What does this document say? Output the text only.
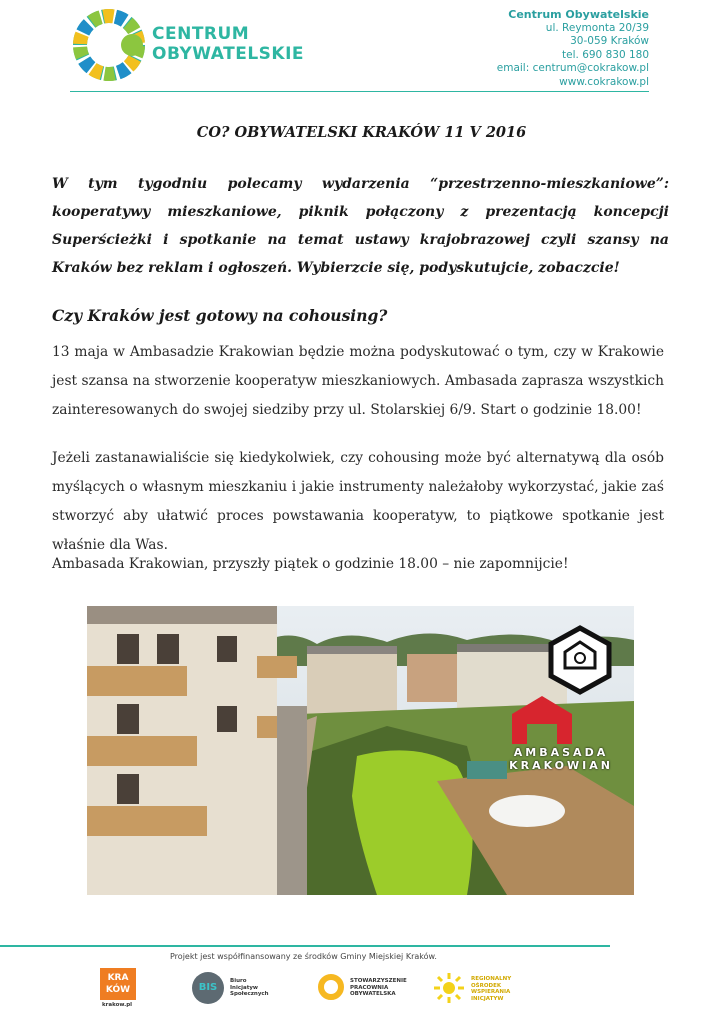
CENTRUM
OBYWATELSKIE
Centrum Obywatelskie
ul. Reymonta 20/39
30-059 Kraków
tel. 690 830 180
email: centrum@cokrakow.pl
www.cokrakow.pl
CO? OBYWATELSKI KRAKÓW 11 V 2016
W tym tygodniu polecamy wydarzenia “przestrzenno-mieszkaniowe”: kooperatywy mieszkaniowe, piknik połączony z prezentacją koncepcji Superścieżki i spotkanie na temat ustawy krajobrazowej czyli szansy na Kraków bez reklam i ogłoszeń. Wybierzcie się, podyskutujcie, zobaczcie!
Czy Kraków jest gotowy na cohousing?
13 maja w Ambasadzie Krakowian będzie można podyskutować o tym, czy w Krakowie jest szansa na stworzenie kooperatyw mieszkaniowych. Ambasada zaprasza wszystkich zainteresowanych do swojej siedziby przy ul. Stolarskiej 6/9. Start o godzinie 18.00!
Jeżeli zastanawialiście się kiedykolwiek, czy cohousing może być alternatywą dla osób myślących o własnym mieszkaniu i jakie instrumenty należałoby wykorzystać, jakie zaś stworzyć aby ułatwić proces powstawania kooperatyw, to piątkowe spotkanie jest właśnie dla Was.
Ambasada Krakowian, przyszły piątek o godzinie 18.00 – nie zapomnijcie!
AMBASADA
KRAKOWIAN
Projekt jest współfinansowany ze środków Gminy Miejskiej Kraków.
KRA
KÓW
krakow.pl
BIS
Biuro
Inicjatyw
Społecznych
STOWARZYSZENIE
PRACOWNIA
OBYWATELSKA
REGIONALNY
OŚRODEK
WSPIERANIA
INICJATYW
